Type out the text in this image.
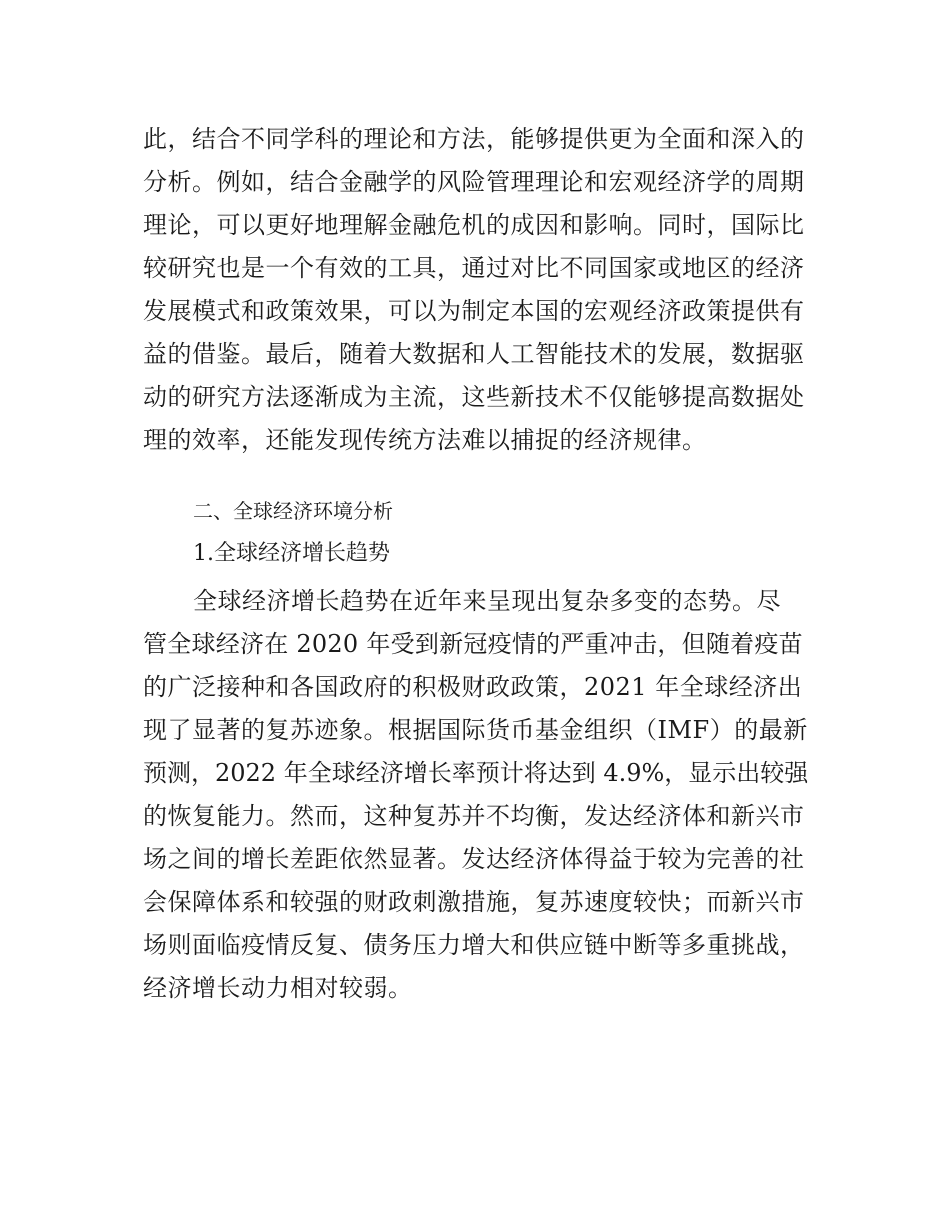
此，结合不同学科的理论和方法，能够提供更为全面和深入的
分析。例如，结合金融学的风险管理理论和宏观经济学的周期
理论，可以更好地理解金融危机的成因和影响。同时，国际比
较研究也是一个有效的工具，通过对比不同国家或地区的经济
发展模式和政策效果，可以为制定本国的宏观经济政策提供有
益的借鉴。最后，随着大数据和人工智能技术的发展，数据驱
动的研究方法逐渐成为主流，这些新技术不仅能够提高数据处
理的效率，还能发现传统方法难以捕捉的经济规律。
二、全球经济环境分析
1.全球经济增长趋势
全球经济增长趋势在近年来呈现出复杂多变的态势。尽
管全球经济在 2020 年受到新冠疫情的严重冲击，但随着疫苗
的广泛接种和各国政府的积极财政政策，2021 年全球经济出
现了显著的复苏迹象。根据国际货币基金组织（IMF）的最新
预测，2022 年全球经济增长率预计将达到 4.9%，显示出较强
的恢复能力。然而，这种复苏并不均衡，发达经济体和新兴市
场之间的增长差距依然显著。发达经济体得益于较为完善的社
会保障体系和较强的财政刺激措施，复苏速度较快；而新兴市
场则面临疫情反复、债务压力增大和供应链中断等多重挑战，
经济增长动力相对较弱。
